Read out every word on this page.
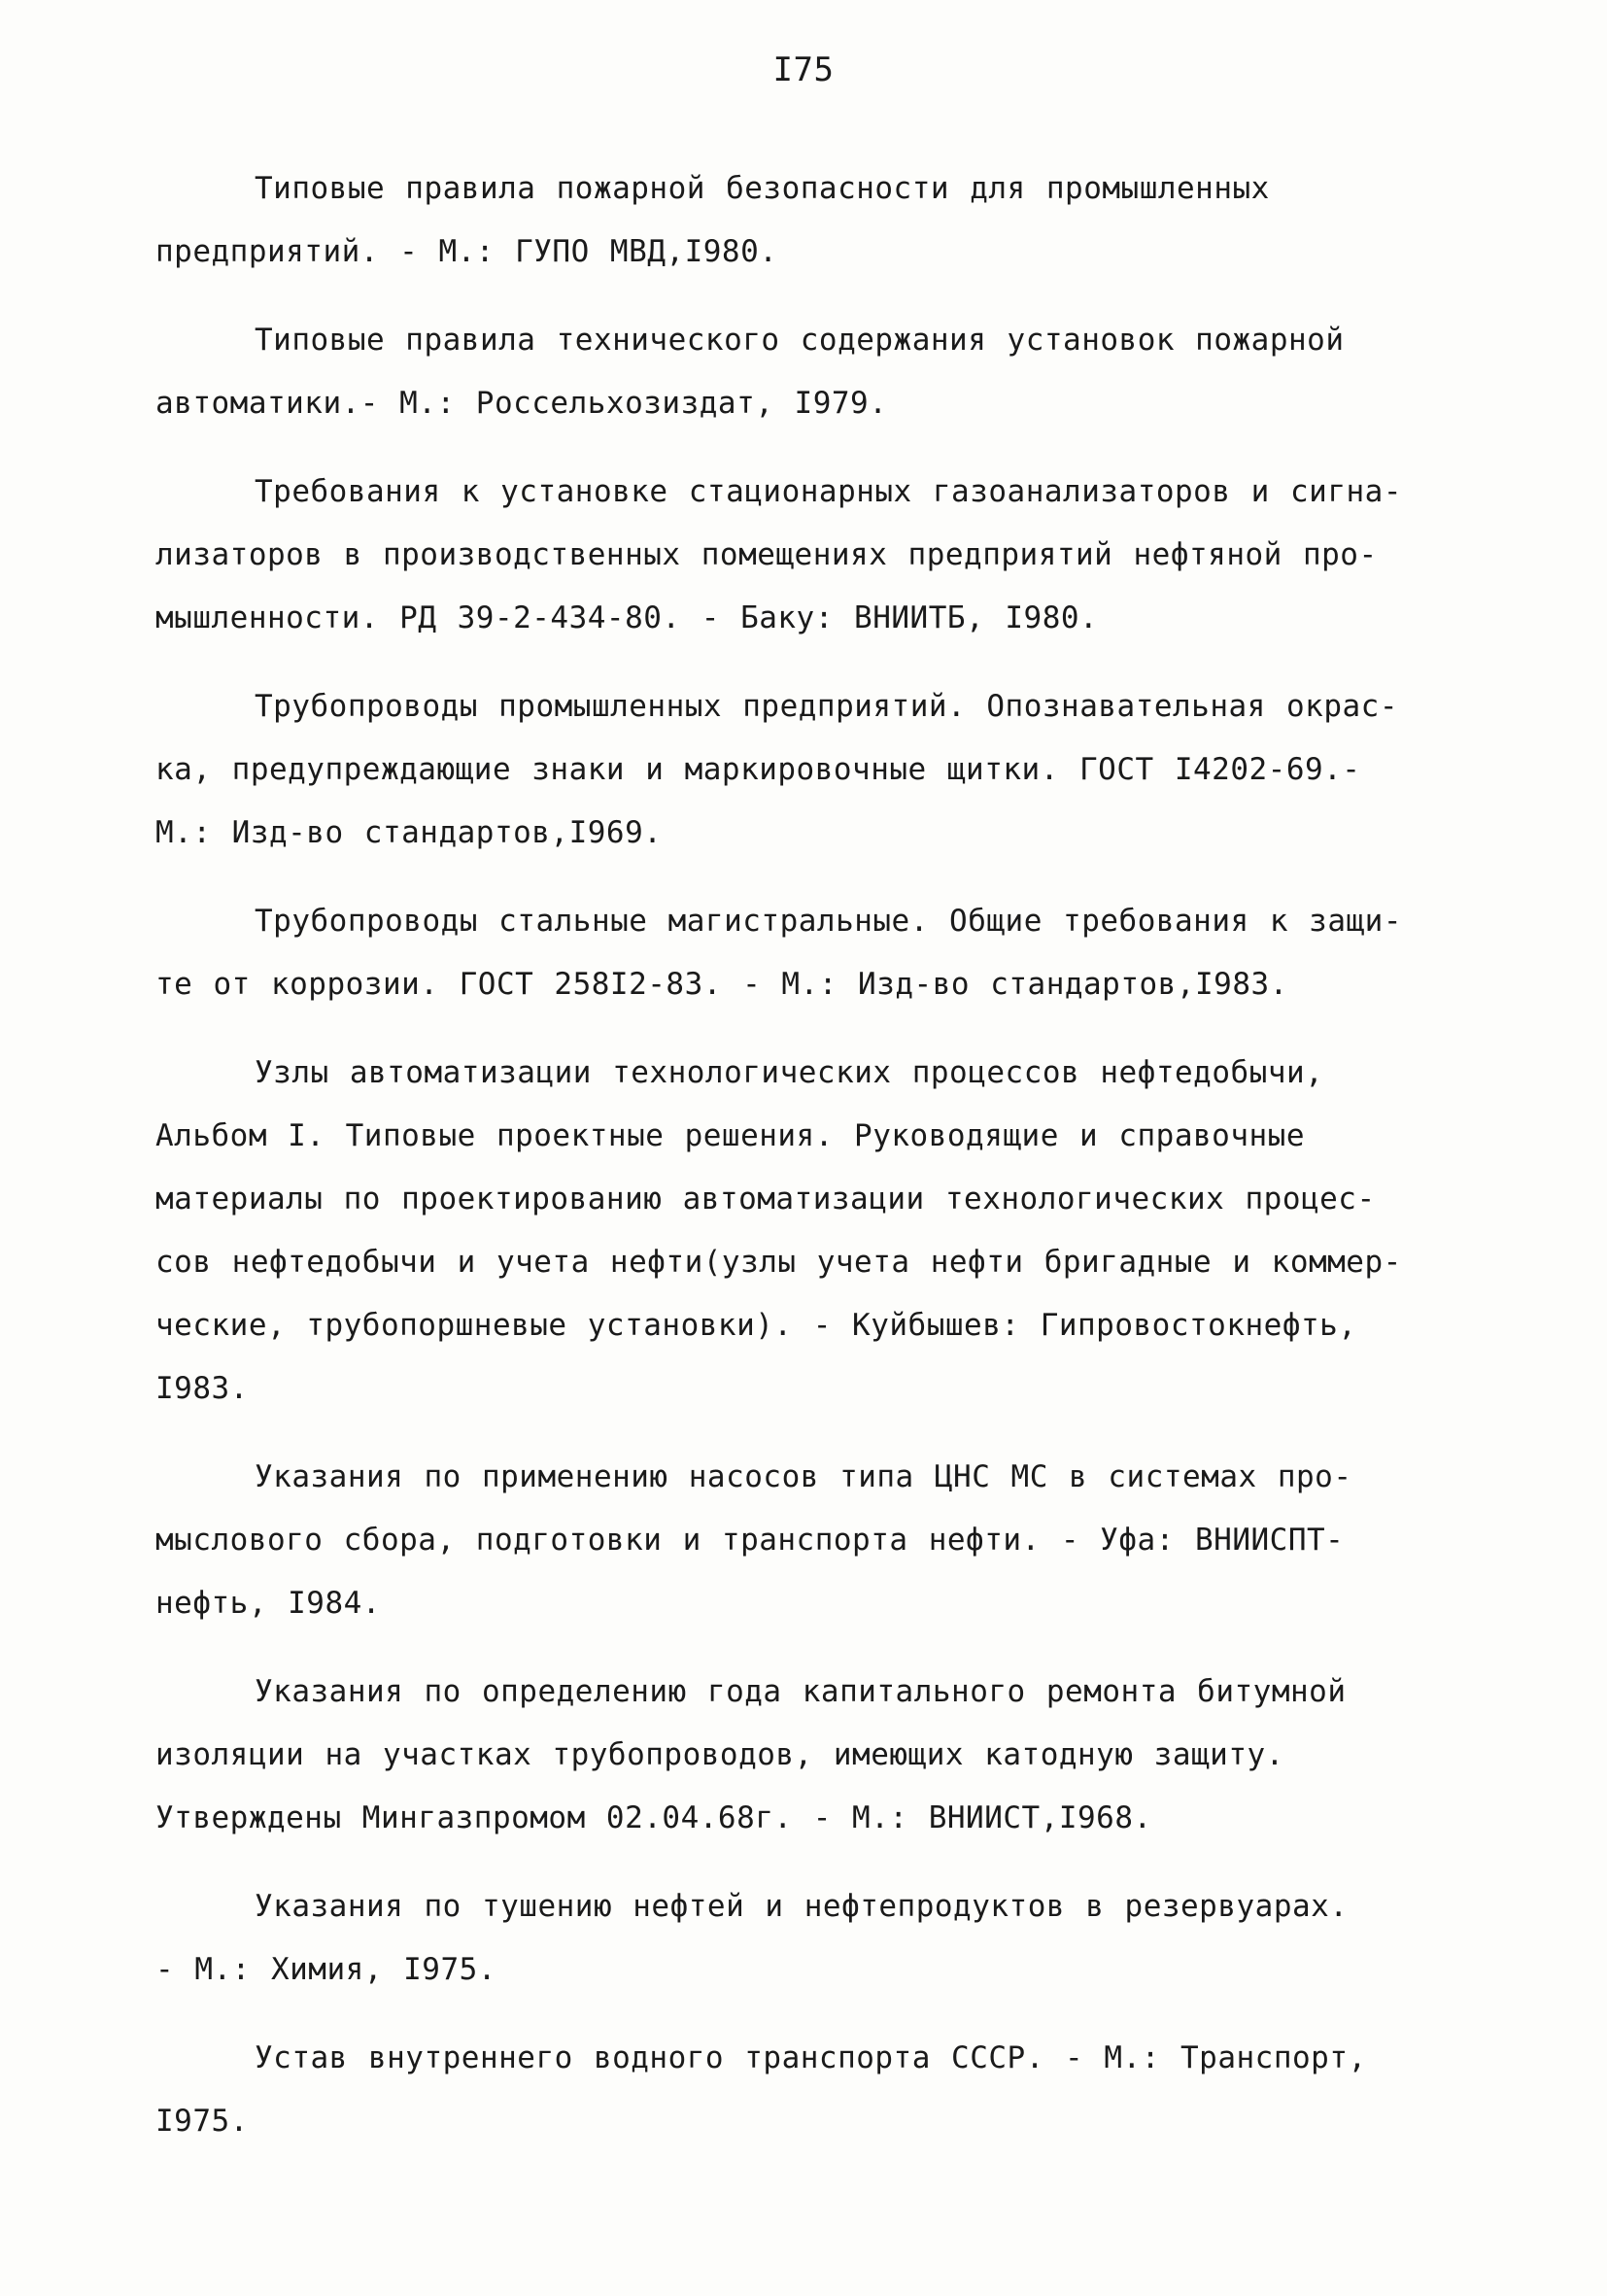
I75

Типовые правила пожарной безопасности для промышленных
предприятий. - М.: ГУПО МВД,I980.

Типовые правила технического содержания установок пожарной
автоматики.- М.: Россельхозиздат, I979.

Требования к установке стационарных газоанализаторов и сигна-
лизаторов в производственных помещениях предприятий нефтяной про-
мышленности. РД 39-2-434-80. - Баку: ВНИИТБ, I980.

Трубопроводы промышленных предприятий. Опознавательная окрас-
ка, предупреждающие знаки и маркировочные щитки. ГОСТ I4202-69.-
М.: Изд-во стандартов,I969.

Трубопроводы стальные магистральные. Общие требования к защи-
те от коррозии. ГОСТ 258I2-83. - М.: Изд-во стандартов,I983.

Узлы автоматизации технологических процессов нефтедобычи,
Альбом I. Типовые проектные решения. Руководящие и справочные
материалы по проектированию автоматизации технологических процес-
сов нефтедобычи и учета нефти(узлы учета нефти бригадные и коммер-
ческие, трубопоршневые установки). - Куйбышев: Гипровостокнефть,
I983.

Указания по применению насосов типа ЦНС МС в системах про-
мыслового сбора, подготовки и транспорта нефти. - Уфа: ВНИИСПТ-
нефть, I984.

Указания по определению года капитального ремонта битумной
изоляции на участках трубопроводов, имеющих катодную защиту.
Утверждены Мингазпромом 02.04.68г. - М.: ВНИИСТ,I968.

Указания по тушению нефтей и нефтепродуктов в резервуарах.
- М.: Химия, I975.

Устав внутреннего водного транспорта СССР. - М.: Транспорт,
I975.
